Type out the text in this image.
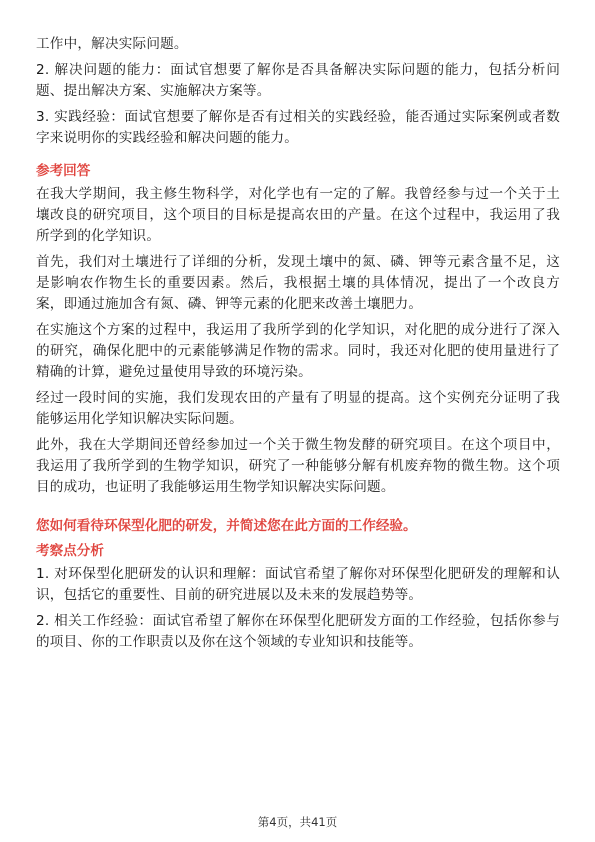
工作中，解决实际问题。

2. 解决问题的能力：面试官想要了解你是否具备解决实际问题的能力，包括分析问题、提出解决方案、实施解决方案等。

3. 实践经验：面试官想要了解你是否有过相关的实践经验，能否通过实际案例或者数字来说明你的实践经验和解决问题的能力。

参考回答

在我大学期间，我主修生物科学，对化学也有一定的了解。我曾经参与过一个关于土壤改良的研究项目，这个项目的目标是提高农田的产量。在这个过程中，我运用了我所学到的化学知识。

首先，我们对土壤进行了详细的分析，发现土壤中的氮、磷、钾等元素含量不足，这是影响农作物生长的重要因素。然后，我根据土壤的具体情况，提出了一个改良方案，即通过施加含有氮、磷、钾等元素的化肥来改善土壤肥力。

在实施这个方案的过程中，我运用了我所学到的化学知识，对化肥的成分进行了深入的研究，确保化肥中的元素能够满足作物的需求。同时，我还对化肥的使用量进行了精确的计算，避免过量使用导致的环境污染。

经过一段时间的实施，我们发现农田的产量有了明显的提高。这个实例充分证明了我能够运用化学知识解决实际问题。

此外，我在大学期间还曾经参加过一个关于微生物发酵的研究项目。在这个项目中，我运用了我所学到的生物学知识，研究了一种能够分解有机废弃物的微生物。这个项目的成功，也证明了我能够运用生物学知识解决实际问题。

您如何看待环保型化肥的研发，并简述您在此方面的工作经验。
考察点分析

1. 对环保型化肥研发的认识和理解：面试官希望了解你对环保型化肥研发的理解和认识，包括它的重要性、目前的研究进展以及未来的发展趋势等。

2. 相关工作经验：面试官希望了解你在环保型化肥研发方面的工作经验，包括你参与的项目、你的工作职责以及你在这个领域的专业知识和技能等。

第4页，共41页
